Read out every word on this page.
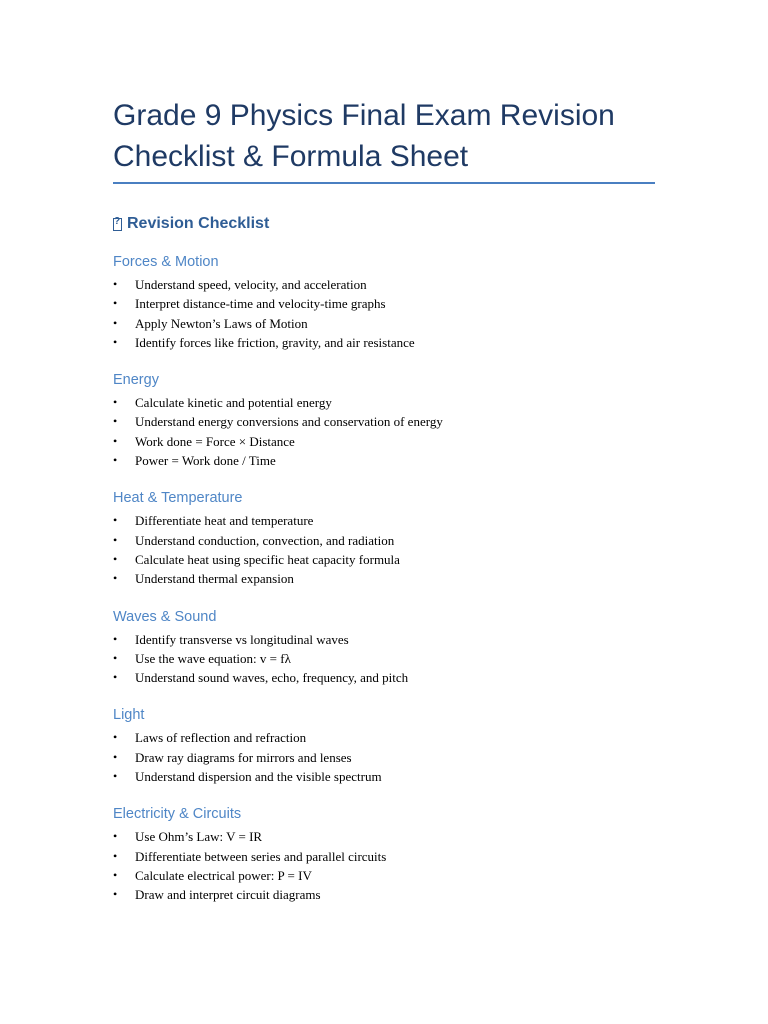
Grade 9 Physics Final Exam Revision Checklist & Formula Sheet
?
Revision Checklist
Forces & Motion
• Understand speed, velocity, and acceleration
• Interpret distance-time and velocity-time graphs
• Apply Newton’s Laws of Motion
• Identify forces like friction, gravity, and air resistance
Energy
• Calculate kinetic and potential energy
• Understand energy conversions and conservation of energy
• Work done = Force × Distance
• Power = Work done / Time
Heat & Temperature
• Differentiate heat and temperature
• Understand conduction, convection, and radiation
• Calculate heat using specific heat capacity formula
• Understand thermal expansion
Waves & Sound
• Identify transverse vs longitudinal waves
• Use the wave equation: v = fλ
• Understand sound waves, echo, frequency, and pitch
Light
• Laws of reflection and refraction
• Draw ray diagrams for mirrors and lenses
• Understand dispersion and the visible spectrum
Electricity & Circuits
• Use Ohm’s Law: V = IR
• Differentiate between series and parallel circuits
• Calculate electrical power: P = IV
• Draw and interpret circuit diagrams
